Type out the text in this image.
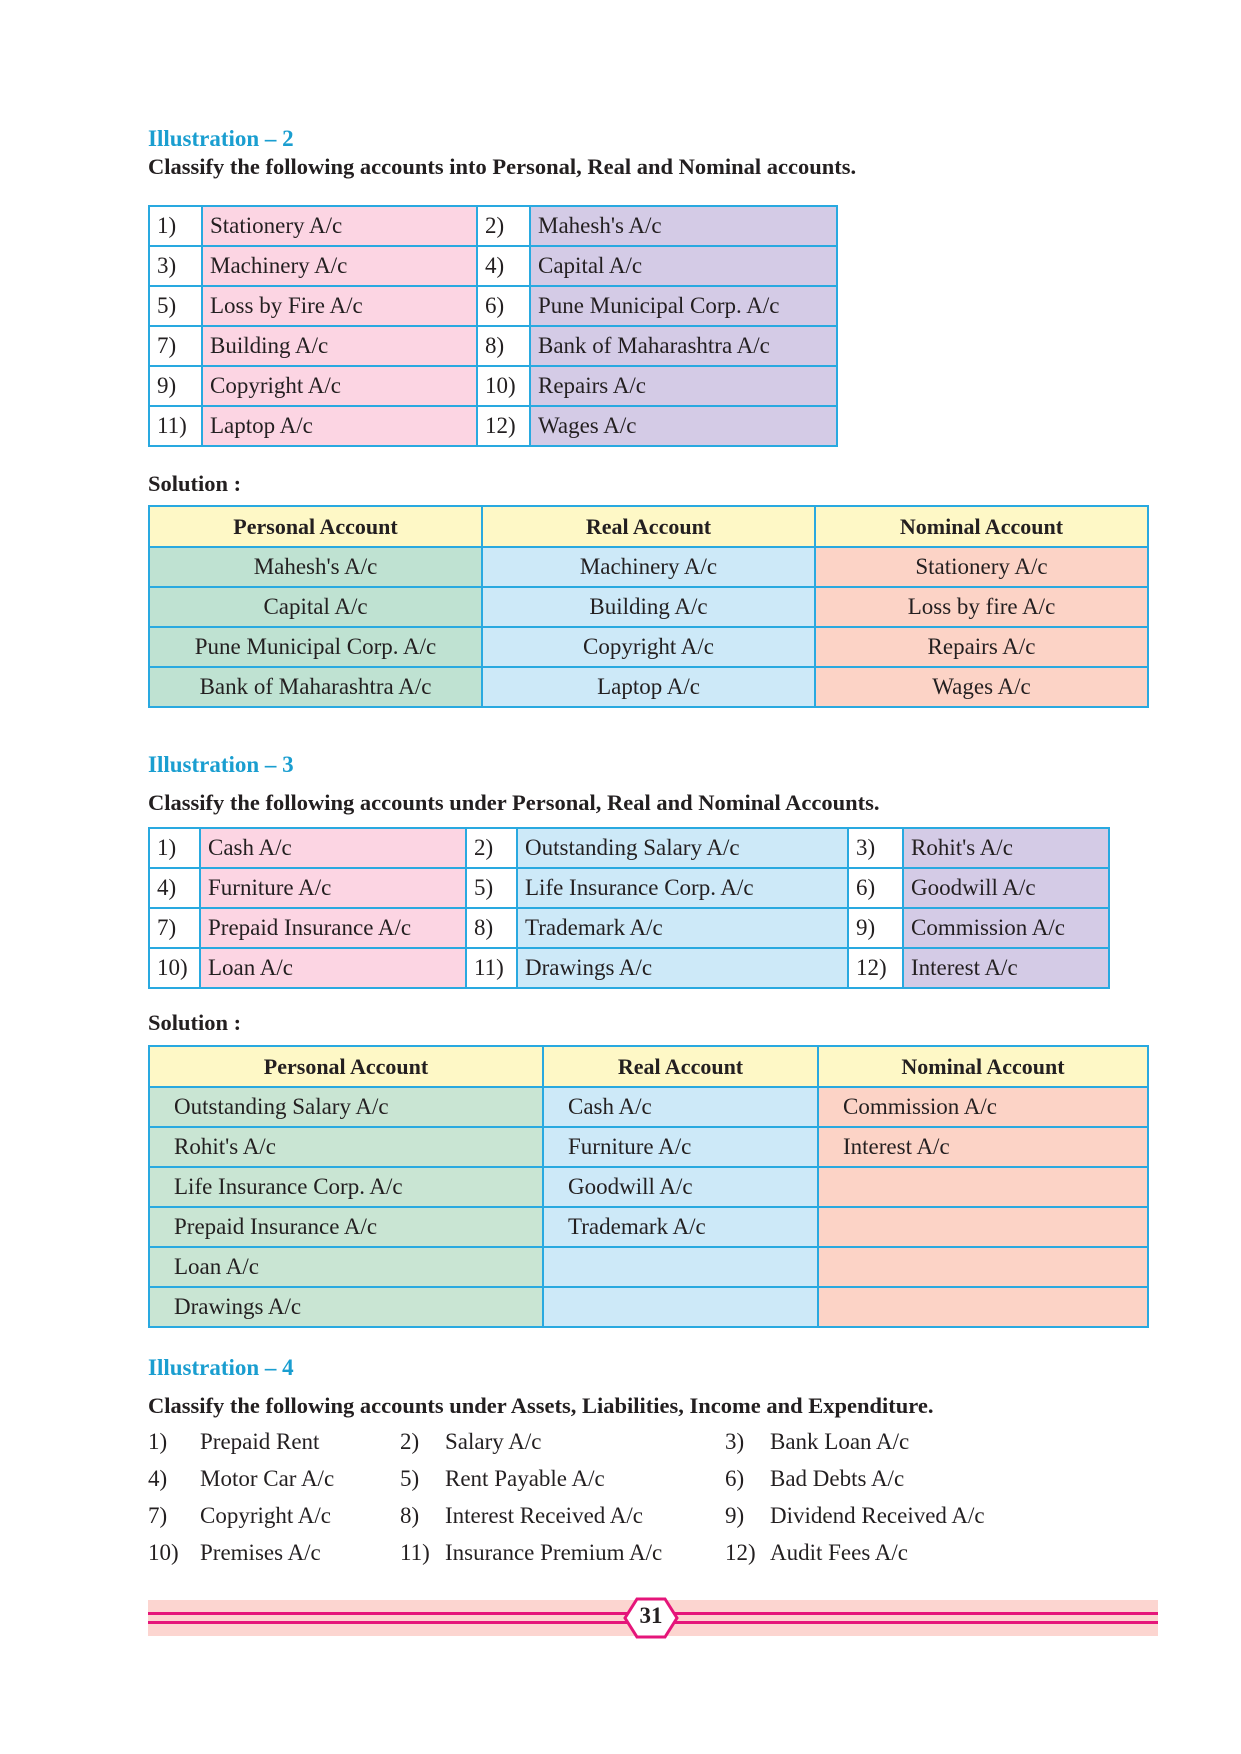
Illustration – 2

Classify the following accounts into Personal, Real and Nominal accounts.

1)	Stationery A/c	2)	Mahesh's A/c
3)	Machinery A/c	4)	Capital A/c
5)	Loss by Fire A/c	6)	Pune Municipal Corp. A/c
7)	Building A/c	8)	Bank of Maharashtra A/c
9)	Copyright A/c	10)	Repairs A/c
11)	Laptop A/c	12)	Wages A/c

Solution :

Personal Account	Real Account	Nominal Account
Mahesh's A/c	Machinery A/c	Stationery A/c
Capital A/c	Building A/c	Loss by fire A/c
Pune Municipal Corp. A/c	Copyright A/c	Repairs A/c
Bank of Maharashtra A/c	Laptop A/c	Wages A/c
Illustration – 3

Classify the following accounts under Personal, Real and Nominal Accounts.

1)	Cash A/c	2)	Outstanding Salary A/c	3)	Rohit's A/c
4)	Furniture A/c	5)	Life Insurance Corp. A/c	6)	Goodwill A/c
7)	Prepaid Insurance A/c	8)	Trademark A/c	9)	Commission A/c
10)	Loan A/c	11)	Drawings A/c	12)	Interest A/c

Solution :

Personal Account	Real Account	Nominal Account
Outstanding Salary A/c	Cash A/c	Commission A/c
Rohit's A/c	Furniture A/c	Interest A/c
Life Insurance Corp. A/c	Goodwill A/c	
Prepaid Insurance A/c	Trademark A/c	
Loan A/c		
Drawings A/c		
Illustration – 4

Classify the following accounts under Assets, Liabilities, Income and Expenditure.

1) Prepaid Rent	2) Salary A/c	3) Bank Loan A/c
4) Motor Car A/c	5) Rent Payable A/c	6) Bad Debts A/c
7) Copyright A/c	8) Interest Received A/c	9) Dividend Received A/c
10) Premises A/c	11) Insurance Premium A/c	12) Audit Fees A/c
31
